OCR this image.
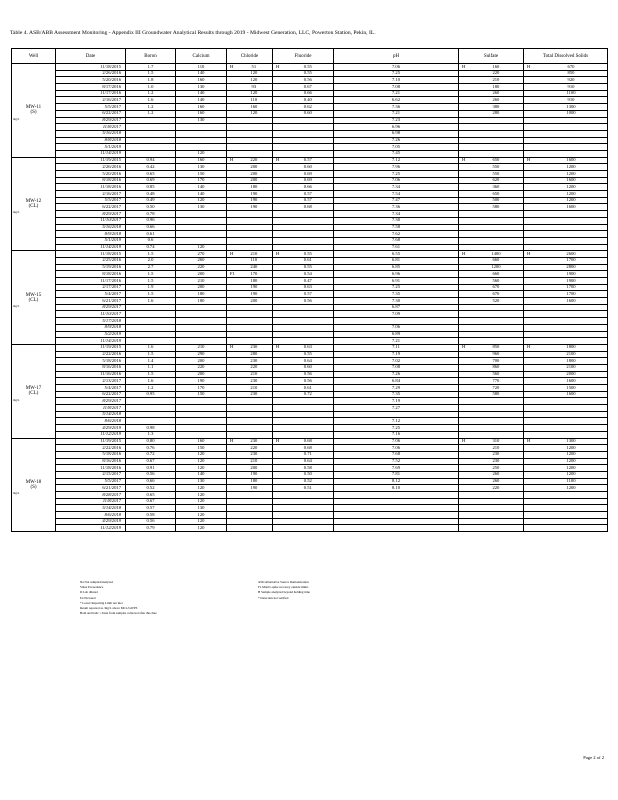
Table 4. ASB/ABB Assessment Monitoring - Appendix III Groundwater Analytical Results through 2019 - Midwest Generation, LLC, Powerton Station, Pekin, IL.
Well	Date	Boron	Calcium	Chloride	Fluoride	pH	Sulfate	Total Dissolved Solids

MW-11
(S)
mg/L	11/18/2015	1.7	110	H 51	H 0.55	7.06	H 160	H 670
	2/26/2016	1.5	140	120	0.55	7.25	220	850
	5/20/2016	1.8	160	120	0.56	7.10	210	920
	8/17/2016	1.0	130	93	0.67	7.08	180	910
	11/17/2016	1.2	140	120	0.66	7.21	260	1100
	2/16/2017	1.6	140	110	0.40	6.62	260	910
	5/5/2017	1.2	160	160	0.62	7.36	380	1300
	6/22/2017	1.2	160	120	0.60	7.21	280	1000
	8/29/2017		130			7.23		
	11/8/2017					6.96		
	5/16/2018					6.98		
	8/8/2018					7.26		
	5/1/2019					7.05		
	11/14/2019		120			7.45		

MW-12
(CL)
mg/L	11/19/2015	0.94	160	H 220	H 0.57	7.12	H 650	H 1600
	2/26/2016	0.42	130	200	0.60	7.96	550	1200
	5/20/2016	0.65	150	200	0.69	7.25	550	1200
	8/18/2016	0.69	170	200	0.69	7.06	620	1600
	11/18/2016	0.85	140	180	0.66	7.34	360	1200
	2/16/2017	0.48	140	190	0.57	7.54	650	1200
	5/5/2017	0.49	120	190	0.57	7.47	500	1200
	6/22/2017	0.50	130	190	0.68	7.36	580	1600
	8/29/2017	0.78				7.34		
	11/10/2017	0.96				7.30		
	5/16/2018	0.66				7.58		
	8/9/2018	0.61				7.62		
	5/1/2019	0.6				7.68		
	11/14/2019	0.74	120			7.61		

MW-15
(CL)
mg/L	11/18/2015	1.5	270	H 210	H 0.55	6.55	H 1400	H 2600
	2/25/2016	2.0	260	110	0.61	6.81	660	1700
	5/19/2016	2.7	220	240	0.55	6.85	1200	2800
	8/18/2016	1.5	200	F1 170	0.54	6.96	660	1900
	11/17/2016	1.5	210	180	0.47	6.91	560	1900
	2/17/2017	1.9	200	190	0.63	7.25	670	1700
	5/4/2017	1.5	180	190	0.57	7.35	670	1700
	6/21/2017	1.6	180	200	0.56	7.30	520	1600
	8/29/2017					6.87		
	11/10/2017					7.09		
	5/17/2018							
	8/9/2018					7.06		
	5/2/2019					6.89		
	11/14/2019					7.21		

MW-17
(CL)
mg/L	11/19/2015	1.6	210	H 230	H 0.63	7.11	H 850	H 1800
	2/22/2016	1.5	290	280	0.55	7.19	960	2100
	5/18/2016	1.4	200	230	0.64	7.02	700	1800
	8/16/2016	1.1	220	220	0.60	7.08	860	2100
	11/16/2016	1.5	200	210	0.56	7.26	560	2000
	2/13/2017	1.6	190	230	0.56	6.84	770	1600
	5/4/2017	1.2	170	210	0.61	7.29	720	1500
	6/22/2017	0.95	150	230	0.72	7.35	580	1600
	8/29/2017					7.19		
	11/8/2017					7.27		
	5/14/2018							
	8/6/2018					7.12		
	4/29/2019	0.98				7.25		
	11/12/2019	1.3				7.16		

MW-18
(S)
mg/L	11/19/2015	0.80	160	H 230	H 0.68	7.06	H 310	H 1300
	2/22/2016	0.76	150	220	0.68	7.06	210	1200
	5/18/2016	0.72	120	230	0.71	7.68	230	1200
	8/16/2016	0.67	120	210	0.64	7.52	230	1200
	11/18/2016	0.91	120	200	0.58	7.69	250	1200
	2/15/2017	0.56	140	190	0.50	7.81	260	1200
	5/5/2017	0.66	130	180	0.52	8.12	260	1100
	6/21/2017	0.52	120	190	0.51	8.10	220	1200
	8/28/2017	0.65	120					
	11/8/2017	0.67	120					
	5/14/2018	0.57	130					
	8/6/2018	0.58	120					
	4/29/2019	0.56	120					
	11/12/2019	0.79	120					
Na Not sampled/analyzed
Value Exceedance
D Lab diluted
Ex Elevated
* Lower Reporting Limit not met
Result reported as /mg/L above MCL/GWPS
Bold and italic = Data from samples collected after this date
ASD Alternative Source Demonstration
F1 Matrix spike recovery outside limits
H Sample analyzed beyond holding time
* Detection not verified
Page 2 of 2
